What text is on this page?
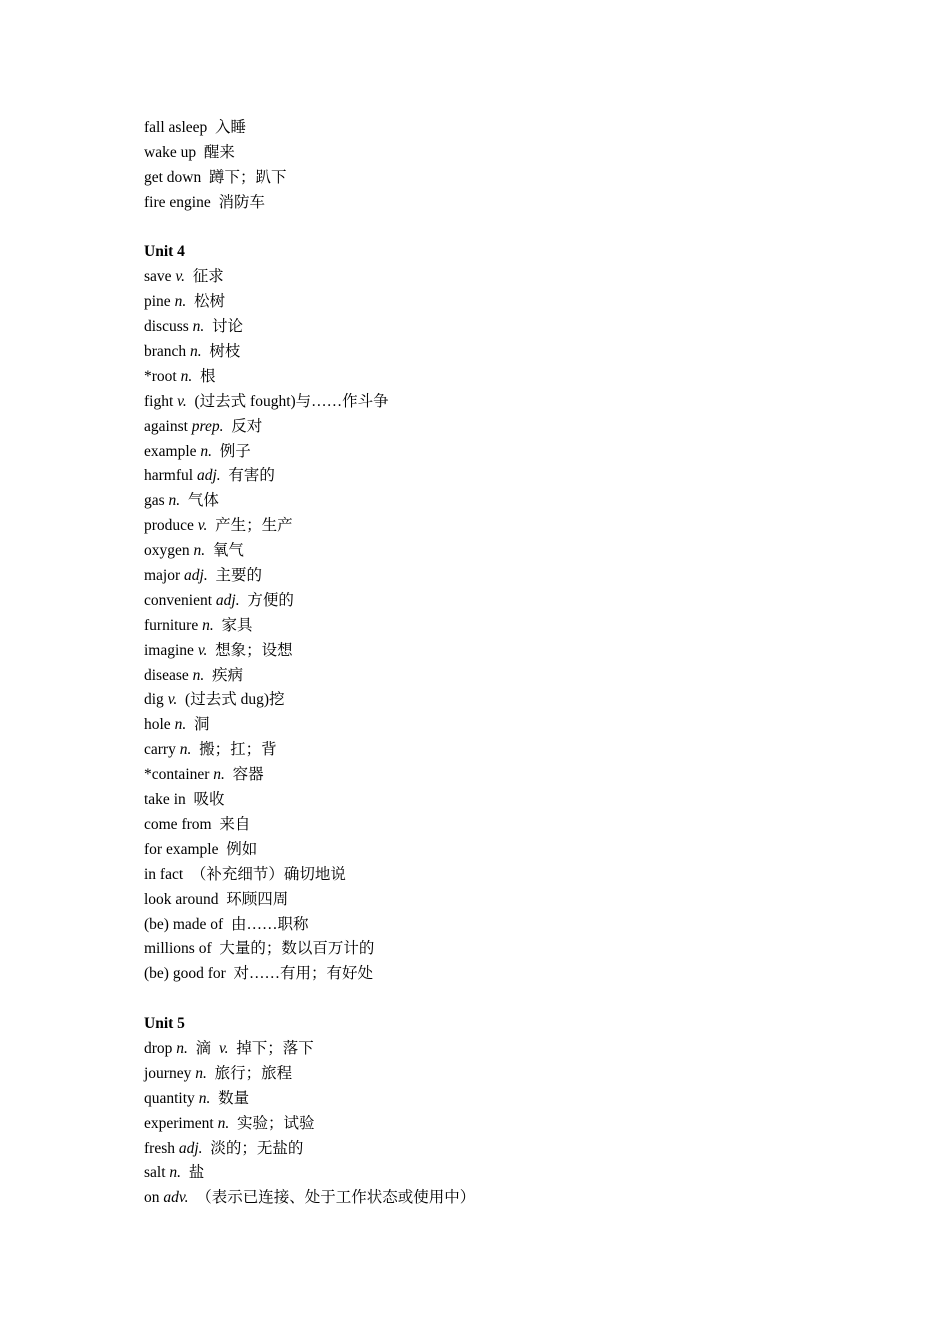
fall asleep 入睡
wake up 醒来
get down 蹲下；趴下
fire engine 消防车
Unit 4
save v. 征求
pine n. 松树
discuss n. 讨论
branch n. 树枝
*root n. 根
fight v. (过去式 fought)与……作斗争
against prep. 反对
example n. 例子
harmful adj. 有害的
gas n. 气体
produce v. 产生；生产
oxygen n. 氧气
major adj. 主要的
convenient adj. 方便的
furniture n. 家具
imagine v. 想象；设想
disease n. 疾病
dig v. (过去式 dug)挖
hole n. 洞
carry n. 搬；扛；背
*container n. 容器
take in 吸收
come from 来自
for example 例如
in fact （补充细节）确切地说
look around 环顾四周
(be) made of 由……职称
millions of 大量的；数以百万计的
(be) good for 对……有用；有好处
Unit 5
drop n. 滴 v. 掉下；落下
journey n. 旅行；旅程
quantity n. 数量
experiment n. 实验；试验
fresh adj. 淡的；无盐的
salt n. 盐
on adv. （表示已连接、处于工作状态或使用中）
